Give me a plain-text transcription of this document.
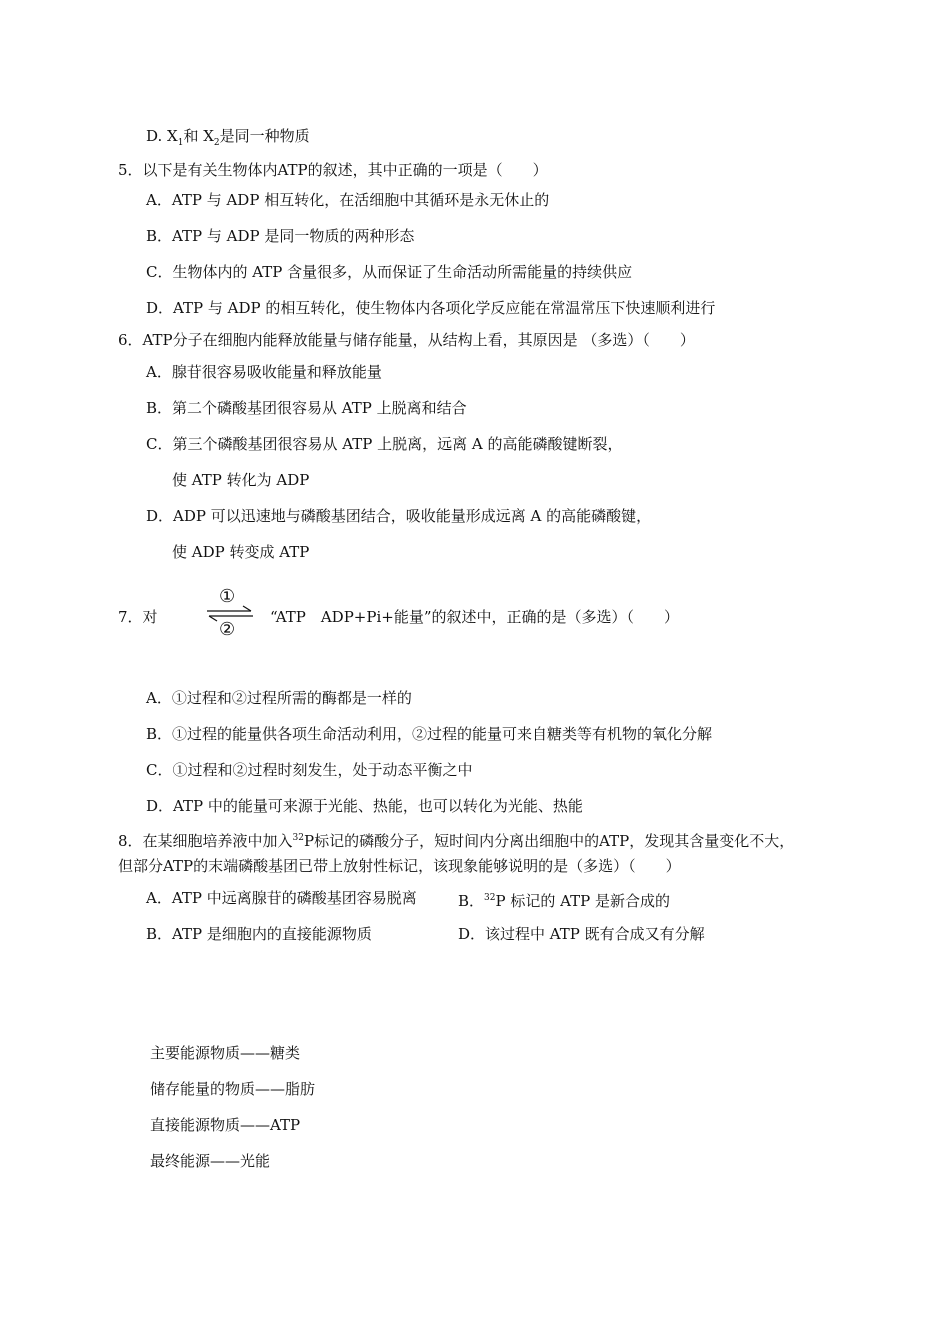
D. $X_1$和 $X_2$是同一种物质
5．以下是有关生物体内ATP的叙述，其中正确的一项是（　　）
A．ATP 与 ADP 相互转化，在活细胞中其循环是永无休止的
B．ATP 与 ADP 是同一物质的两种形态
C．生物体内的 ATP 含量很多，从而保证了生命活动所需能量的持续供应
D．ATP 与 ADP 的相互转化，使生物体内各项化学反应能在常温常压下快速顺利进行
6．ATP分子在细胞内能释放能量与储存能量，从结构上看，其原因是 （多选）（　　）
A．腺苷很容易吸收能量和释放能量
B．第二个磷酸基团很容易从 ATP 上脱离和结合
C．第三个磷酸基团很容易从 ATP 上脱离，远离 A 的高能磷酸键断裂，
使 ATP 转化为 ADP
D．ADP 可以迅速地与磷酸基团结合，吸收能量形成远离 A 的高能磷酸键，
使 ADP 转变成 ATP
7．对
①
②
“ATP　ADP+Pi+能量”的叙述中，正确的是（多选）（　　）
A．①过程和②过程所需的酶都是一样的
B．①过程的能量供各项生命活动利用，②过程的能量可来自糖类等有机物的氧化分解
C．①过程和②过程时刻发生，处于动态平衡之中
D．ATP 中的能量可来源于光能、热能，也可以转化为光能、热能
8．在某细胞培养液中加入$^{32}$P标记的磷酸分子，短时间内分离出细胞中的ATP，发现其含量变化不大，
但部分ATP的末端磷酸基团已带上放射性标记，该现象能够说明的是（多选）（　　）
A．ATP 中远离腺苷的磷酸基团容易脱离	B．$^{32}$P 标记的 ATP 是新合成的
B．ATP 是细胞内的直接能源物质	D．该过程中 ATP 既有合成又有分解
主要能源物质——糖类
储存能量的物质——脂肪
直接能源物质——ATP
最终能源——光能
